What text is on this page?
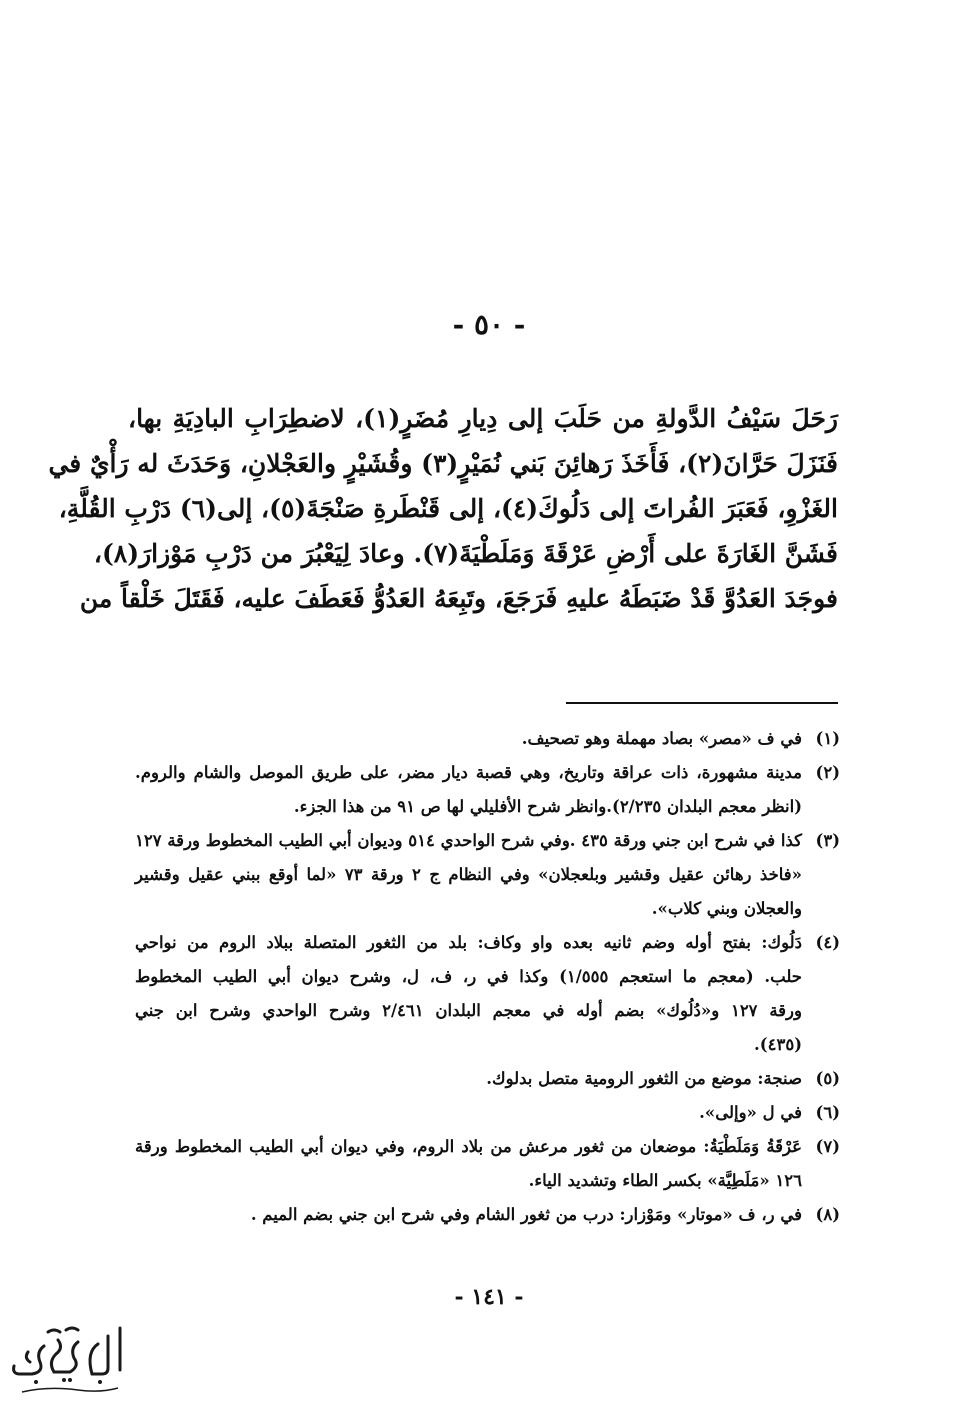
- ٥٠ -
رَحَلَ سَيْفُ الدَّولةِ من حَلَبَ إلى دِيارِ مُضَرٍ(١)، لاضطِرَابِ البادِيَةِ بها،
فَنَزَلَ حَرَّانَ(٢)، فَأَخَذَ رَهائِنَ بَني نُمَيْرٍ(٣) وقُشَيْرٍ والعَجْلانِ، وَحَدَثَ له رَأْيٌ في
الغَزْوِ، فَعَبَرَ الفُراتَ إلى دَلُوكَ(٤)، إلى قَنْطَرةِ صَنْجَةَ(٥)، إلى(٦) دَرْبِ القُلَّةِ،
فَشَنَّ الغَارَةَ على أَرْضِ عَرْقَةَ وَمَلَطْيَةَ(٧). وعادَ لِيَعْبُرَ من دَرْبِ مَوْزارَ(٨)،
فوجَدَ العَدُوَّ قَدْ ضَبَطَهُ عليهِ فَرَجَعَ، وتَبِعَهُ العَدُوُّ فَعَطَفَ عليه، فَقَتَلَ خَلْقاً من
(١)
في ف «مصر» بصاد مهملة وهو تصحيف.
(٢)
مدينة مشهورة، ذات عراقة وتاريخ، وهي قصبة ديار مضر، على طريق الموصل والشام والروم.
(انظر معجم البلدان ٢/٢٣٥).وانظر شرح الأفليلي لها ص ٩١ من هذا الجزء.
(٣)
كذا في شرح ابن جني ورقة ٤٣٥ .وفي شرح الواحدي ٥١٤ وديوان أبي الطيب المخطوط ورقة ١٢٧
«فاخذ رهائن عقيل وقشير وبلعجلان» وفي النظام ج ٢ ورقة ٧٣ «لما أوقع ببني عقيل وقشير
والعجلان وبني كلاب».
(٤)
دَلُوك: بفتح أوله وضم ثانيه بعده واو وكاف: بلد من الثغور المتصلة ببلاد الروم من نواحي
حلب. (معجم ما استعجم ١/٥٥٥) وكذا في ر، ف، ل، وشرح ديوان أبي الطيب المخطوط
ورقة ١٢٧ و«دُلُوك» بضم أوله في معجم البلدان ٢/٤٦١ وشرح الواحدي وشرح ابن جني
(٤٣٥).
(٥)
صنجة: موضع من الثغور الرومية متصل بدلوك.
(٦)
في ل «وإلى».
(٧)
عَرْقَةُ وَمَلَطْيَةُ: موضعان من ثغور مرعش من بلاد الروم، وفي ديوان أبي الطيب المخطوط ورقة
١٢٦ «مَلَطِيَّة» بكسر الطاء وتشديد الياء.
(٨)
في ر، ف «موتار» ومَوْزار: درب من ثغور الشام وفي شرح ابن جني بضم الميم .
- ١٤١ -
